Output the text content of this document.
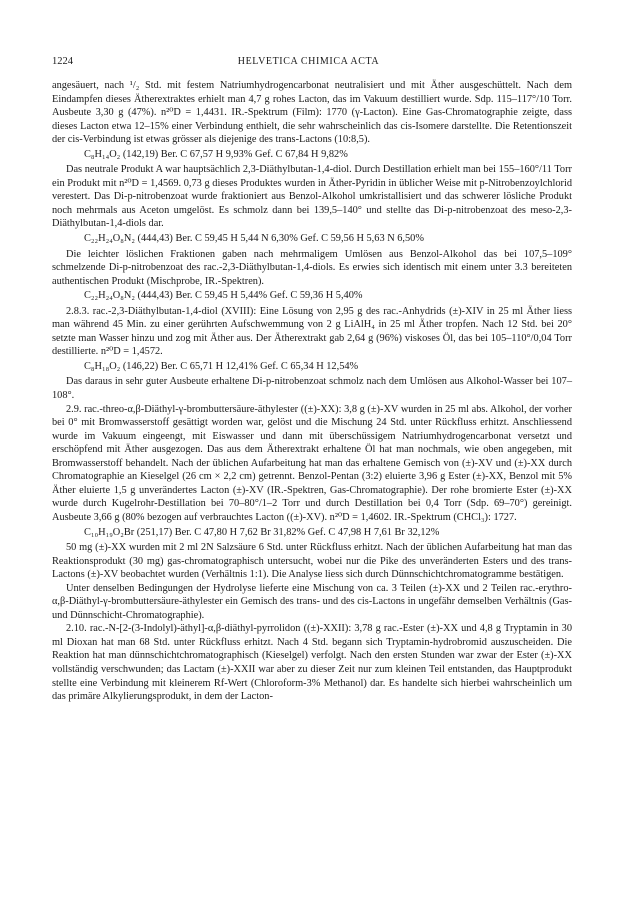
1224	HELVETICA CHIMICA ACTA

angesäuert, nach ¹/₂ Std. mit festem Natriumhydrogencarbonat neutralisiert und mit Äther ausgeschüttelt. Nach dem Eindampfen dieses Ätherextraktes erhielt man 4,7 g rohes Lacton, das im Vakuum destilliert wurde. Sdp. 115–117°/10 Torr. Ausbeute 3,30 g (47%). n²⁰D = 1,4431. IR.-Spektrum (Film): 1770 (γ-Lacton). Eine Gas-Chromatographie zeigte, dass dieses Lacton etwa 12–15% einer Verbindung enthielt, die sehr wahrscheinlich das cis-Isomere darstellte. Die Retentionszeit der cis-Verbindung ist etwas grösser als diejenige des trans-Lactons (10:8,5).

C₈H₁₄O₂ (142,19) Ber. C 67,57 H 9,93% Gef. C 67,84 H 9,82%

Das neutrale Produkt A war hauptsächlich 2,3-Diäthylbutan-1,4-diol. Durch Destillation erhielt man bei 155–160°/11 Torr ein Produkt mit n²⁰D = 1,4569. 0,73 g dieses Produktes wurden in Äther-Pyridin in üblicher Weise mit p-Nitrobenzoylchlorid verestert. Das Di-p-nitrobenzoat wurde fraktioniert aus Benzol-Alkohol umkristallisiert und das schwerer lösliche Produkt noch mehrmals aus Aceton umgelöst. Es schmolz dann bei 139,5–140° und stellte das Di-p-nitrobenzoat des meso-2,3-Diäthylbutan-1,4-diols dar.

C₂₂H₂₄O₈N₂ (444,43) Ber. C 59,45 H 5,44 N 6,30% Gef. C 59,56 H 5,63 N 6,50%

Die leichter löslichen Fraktionen gaben nach mehrmaligem Umlösen aus Benzol-Alkohol das bei 107,5–109° schmelzende Di-p-nitrobenzoat des rac.-2,3-Diäthylbutan-1,4-diols. Es erwies sich identisch mit einem unter 3.3 bereiteten authentischen Produkt (Mischprobe, IR.-Spektren).

C₂₂H₂₄O₈N₂ (444,43) Ber. C 59,45 H 5,44% Gef. C 59,36 H 5,40%

2.8.3. rac.-2,3-Diäthylbutan-1,4-diol (XVIII): Eine Lösung von 2,95 g des rac.-Anhydrids (±)-XIV in 25 ml Äther liess man während 45 Min. zu einer gerührten Aufschwemmung von 2 g LiAlH₄ in 25 ml Äther tropfen. Nach 12 Std. bei 20° setzte man Wasser hinzu und zog mit Äther aus. Der Ätherextrakt gab 2,64 g (96%) viskoses Öl, das bei 105–110°/0,04 Torr destillierte. n²⁰D = 1,4572.

C₈H₁₈O₂ (146,22) Ber. C 65,71 H 12,41% Gef. C 65,34 H 12,54%

Das daraus in sehr guter Ausbeute erhaltene Di-p-nitrobenzoat schmolz nach dem Umlösen aus Alkohol-Wasser bei 107–108°.

2.9. rac.-threo-α,β-Diäthyl-γ-brombuttersäure-äthylester ((±)-XX): 3,8 g (±)-XV wurden in 25 ml abs. Alkohol, der vorher bei 0° mit Bromwasserstoff gesättigt worden war, gelöst und die Mischung 24 Std. unter Rückfluss erhitzt. Anschliessend wurde im Vakuum eingeengt, mit Eiswasser und dann mit überschüssigem Natriumhydrogencarbonat versetzt und erschöpfend mit Äther ausgezogen. Das aus dem Ätherextrakt erhaltene Öl hat man nochmals, wie oben angegeben, mit Bromwasserstoff behandelt. Nach der üblichen Aufarbeitung hat man das erhaltene Gemisch von (±)-XV und (±)-XX durch Chromatographie an Kieselgel (26 cm × 2,2 cm) getrennt. Benzol-Pentan (3:2) eluierte 3,96 g Ester (±)-XX, Benzol mit 5% Äther eluierte 1,5 g unverändertes Lacton (±)-XV (IR.-Spektren, Gas-Chromatographie). Der rohe bromierte Ester (±)-XX wurde durch Kugelrohr-Destillation bei 70–80°/1–2 Torr und durch Destillation bei 0,4 Torr (Sdp. 69–70°) gereinigt. Ausbeute 3,66 g (80% bezogen auf verbrauchtes Lacton ((±)-XV). n²⁰D = 1,4602. IR.-Spektrum (CHCl₃): 1727.

C₁₀H₁₉O₂Br (251,17) Ber. C 47,80 H 7,62 Br 31,82% Gef. C 47,98 H 7,61 Br 32,12%

50 mg (±)-XX wurden mit 2 ml 2N Salzsäure 6 Std. unter Rückfluss erhitzt. Nach der üblichen Aufarbeitung hat man das Reaktionsprodukt (30 mg) gas-chromatographisch untersucht, wobei nur die Pike des unveränderten Esters und des trans-Lactons (±)-XV beobachtet wurden (Verhältnis 1:1). Die Analyse liess sich durch Dünnschichtchromatogramme bestätigen.

Unter denselben Bedingungen der Hydrolyse lieferte eine Mischung von ca. 3 Teilen (±)-XX und 2 Teilen rac.-erythro-α,β-Diäthyl-γ-brombuttersäure-äthylester ein Gemisch des trans- und des cis-Lactons in ungefähr demselben Verhältnis (Gas- und Dünnschicht-Chromatographie).

2.10. rac.-N-[2-(3-Indolyl)-äthyl]-α,β-diäthyl-pyrrolidon ((±)-XXII): 3,78 g rac.-Ester (±)-XX und 4,8 g Tryptamin in 30 ml Dioxan hat man 68 Std. unter Rückfluss erhitzt. Nach 4 Std. begann sich Tryptamin-hydrobromid auszuscheiden. Die Reaktion hat man dünnschichtchromatographisch (Kieselgel) verfolgt. Nach den ersten Stunden war zwar der Ester (±)-XX vollständig verschwunden; das Lactam (±)-XXII war aber zu dieser Zeit nur zum kleinen Teil entstanden, das Hauptprodukt stellte eine Verbindung mit kleinerem Rf-Wert (Chloroform-3% Methanol) dar. Es handelte sich hierbei wahrscheinlich um das primäre Alkylierungsprodukt, in dem der Lacton-
